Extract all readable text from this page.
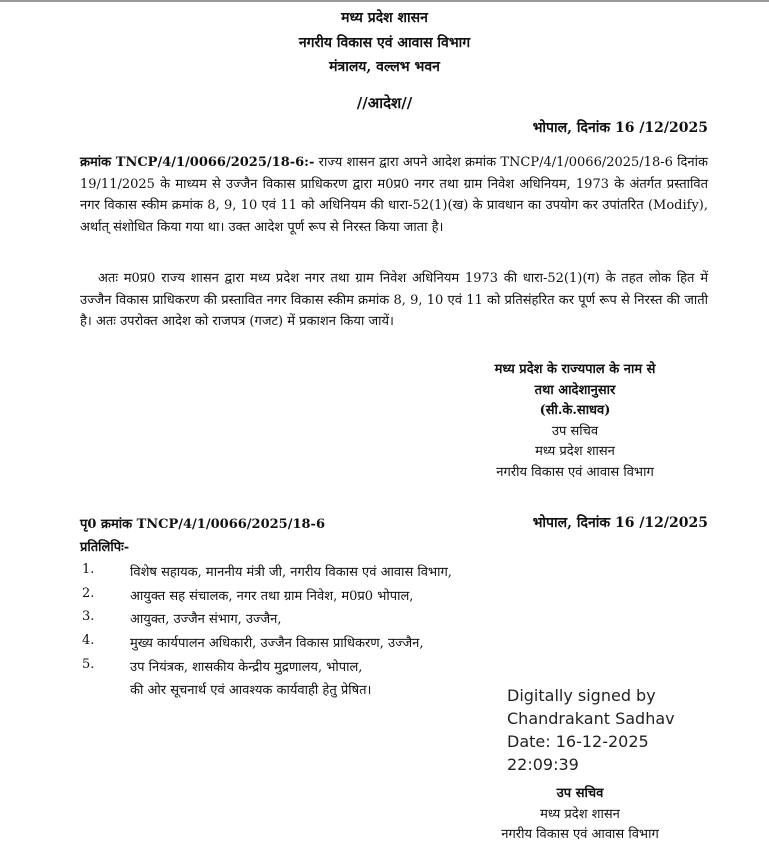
मध्य प्रदेश शासन
नगरीय विकास एवं आवास विभाग
मंत्रालय, वल्लभ भवन
//आदेश//
भोपाल, दिनांक 16 /12/2025
क्रमांक TNCP/4/1/0066/2025/18-6:- राज्य शासन द्वारा अपने आदेश क्रमांक TNCP/4/1/0066/2025/18-6 दिनांक 19/11/2025 के माध्यम से उज्जैन विकास प्राधिकरण द्वारा म0प्र0 नगर तथा ग्राम निवेश अधिनियम, 1973 के अंतर्गत प्रस्तावित नगर विकास स्कीम क्रमांक 8, 9, 10 एवं 11 को अधिनियम की धारा-52(1)(ख) के प्रावधान का उपयोग कर उपांतरित (Modify), अर्थात् संशोधित किया गया था। उक्त आदेश पूर्ण रूप से निरस्त किया जाता है।
अतः म0प्र0 राज्य शासन द्वारा मध्य प्रदेश नगर तथा ग्राम निवेश अधिनियम 1973 की धारा-52(1)(ग) के तहत लोक हित में उज्जैन विकास प्राधिकरण की प्रस्तावित नगर विकास स्कीम क्रमांक 8, 9, 10 एवं 11 को प्रतिसंहरित कर पूर्ण रूप से निरस्त की जाती है। अतः उपरोक्त आदेश को राजपत्र (गजट) में प्रकाशन किया जायें।
मध्य प्रदेश के राज्यपाल के नाम से
तथा आदेशानुसार
(सी.के.साधव)
उप सचिव
मध्य प्रदेश शासन
नगरीय विकास एवं आवास विभाग
पृ0 क्रमांक TNCP/4/1/0066/2025/18-6	भोपाल, दिनांक 16 /12/2025
प्रतिलिपिः-
1.	विशेष सहायक, माननीय मंत्री जी, नगरीय विकास एवं आवास विभाग,
2.	आयुक्त सह संचालक, नगर तथा ग्राम निवेश, म0प्र0 भोपाल,
3.	आयुक्त, उज्जैन संभाग, उज्जैन,
4.	मुख्य कार्यपालन अधिकारी, उज्जैन विकास प्राधिकरण, उज्जैन,
5.	उप नियंत्रक, शासकीय केन्द्रीय मुद्रणालय, भोपाल,
की ओर सूचनार्थ एवं आवश्यक कार्यवाही हेतु प्रेषित।	Digitally signed by
Chandrakant Sadhav
Date: 16-12-2025
22:09:39
उप सचिव
मध्य प्रदेश शासन
नगरीय विकास एवं आवास विभाग
